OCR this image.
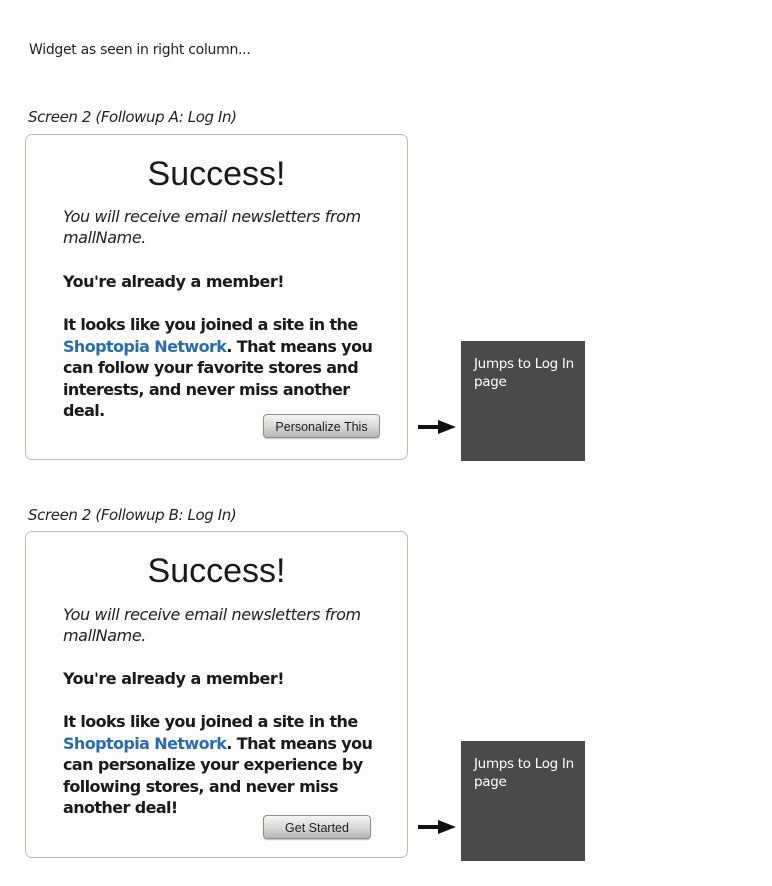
Widget as seen in right column...
Screen 2 (Followup A: Log In)
Success!
You will receive email newsletters from mallName.
You're already a member!
It looks like you joined a site in the Shoptopia Network. That means you can follow your favorite stores and interests, and never miss another deal.
Personalize This
Jumps to Log In page
Screen 2 (Followup B: Log In)
Success!
You will receive email newsletters from mallName.
You're already a member!
It looks like you joined a site in the Shoptopia Network. That means you can personalize your experience by following stores, and never miss another deal!
Get Started
Jumps to Log In page
